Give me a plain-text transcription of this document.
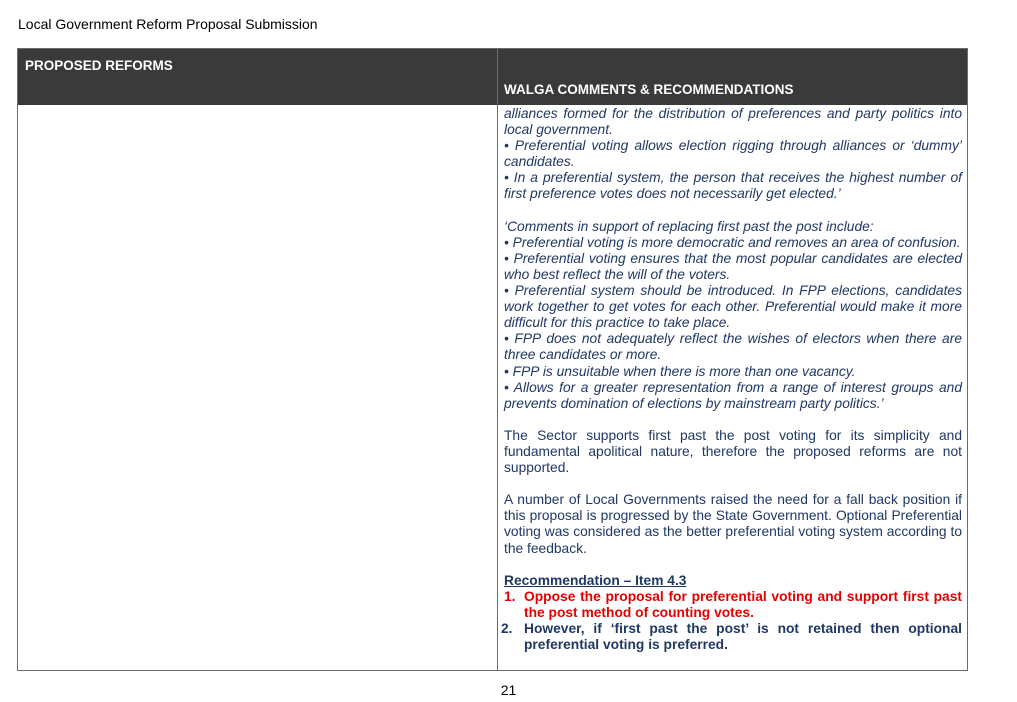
Local Government Reform Proposal Submission
PROPOSED REFORMS
WALGA COMMENTS & RECOMMENDATIONS

alliances formed for the distribution of preferences and party politics into local government.

• Preferential voting allows election rigging through alliances or ‘dummy’ candidates.

• In a preferential system, the person that receives the highest number of first preference votes does not necessarily get elected.’

‘Comments in support of replacing first past the post include:

• Preferential voting is more democratic and removes an area of confusion.

• Preferential voting ensures that the most popular candidates are elected who best reflect the will of the voters.

• Preferential system should be introduced. In FPP elections, candidates work together to get votes for each other. Preferential would make it more difficult for this practice to take place.

• FPP does not adequately reflect the wishes of electors when there are three candidates or more.

• FPP is unsuitable when there is more than one vacancy.

• Allows for a greater representation from a range of interest groups and prevents domination of elections by mainstream party politics.’

The Sector supports first past the post voting for its simplicity and fundamental apolitical nature, therefore the proposed reforms are not supported.

A number of Local Governments raised the need for a fall back position if this proposal is progressed by the State Government. Optional Preferential voting was considered as the better preferential voting system according to the feedback.

Recommendation – Item 4.3

1. Oppose the proposal for preferential voting and support first past the post method of counting votes.
2. However, if ‘first past the post’ is not retained then optional preferential voting is preferred.
21
